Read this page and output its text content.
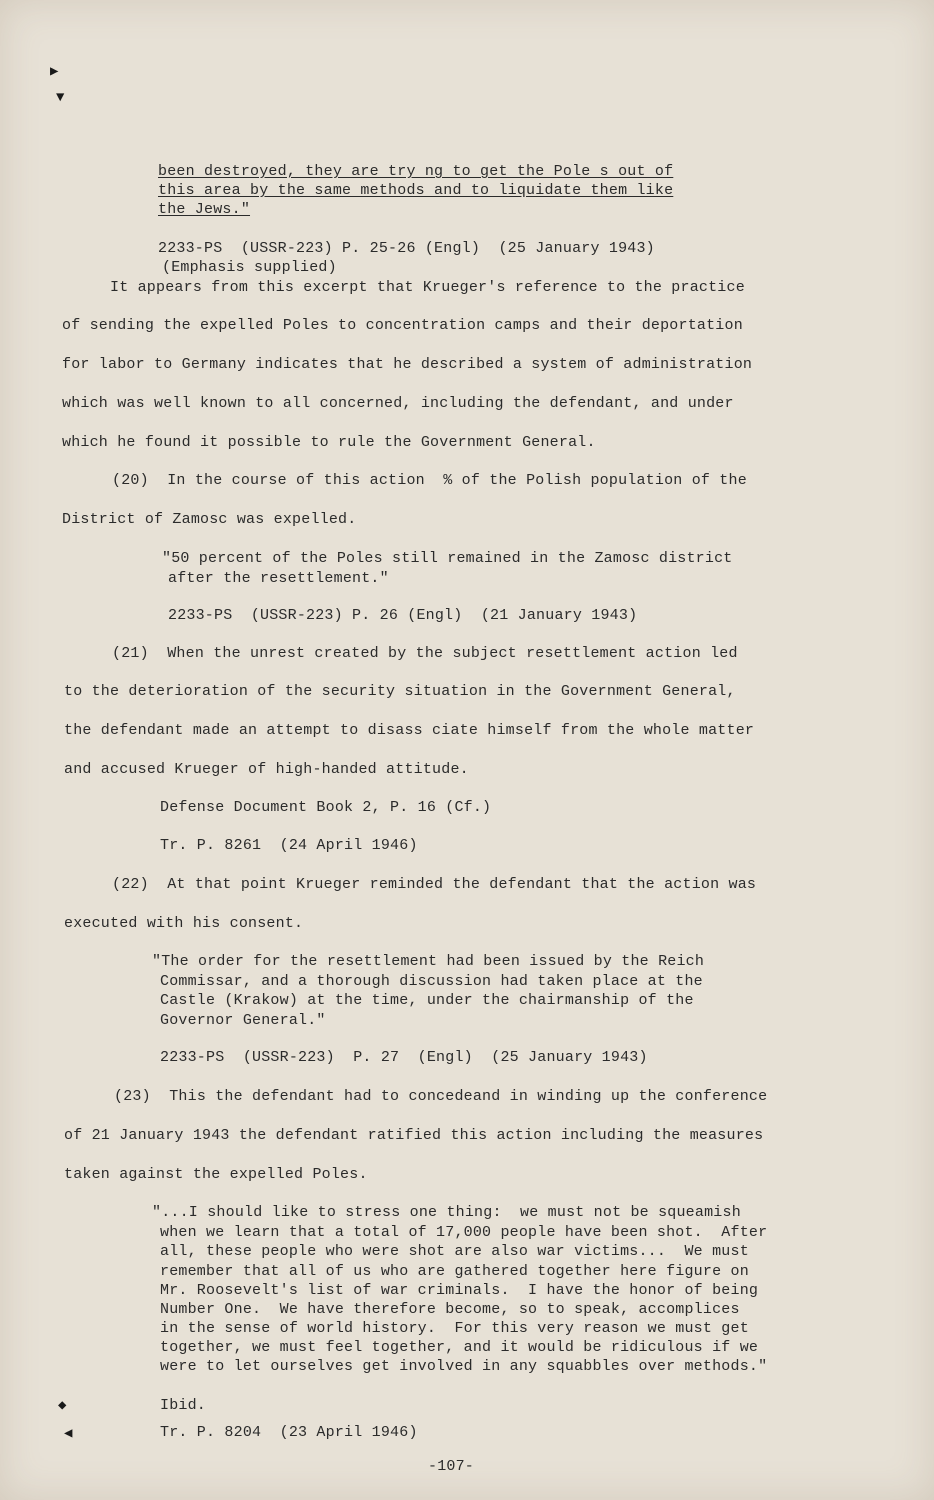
▶
▼
◆
◀
been destroyed, they are try ng to get the Pole s out of
this area by the same methods and to liquidate them like
the Jews."
2233-PS  (USSR-223) P. 25-26 (Engl)  (25 January 1943)
(Emphasis supplied)
It appears from this excerpt that Krueger's reference to the practice
of sending the expelled Poles to concentration camps and their deportation
for labor to Germany indicates that he described a system of administration
which was well known to all concerned, including the defendant, and under
which he found it possible to rule the Government General.
(20)  In the course of this action  % of the Polish population of the
District of Zamosc was expelled.
"50 percent of the Poles still remained in the Zamosc district
after the resettlement."
2233-PS  (USSR-223) P. 26 (Engl)  (21 January 1943)
(21)  When the unrest created by the subject resettlement action led
to the deterioration of the security situation in the Government General,
the defendant made an attempt to disass ciate himself from the whole matter
and accused Krueger of high-handed attitude.
Defense Document Book 2, P. 16 (Cf.)
Tr. P. 8261  (24 April 1946)
(22)  At that point Krueger reminded the defendant that the action was
executed with his consent.
"The order for the resettlement had been issued by the Reich
Commissar, and a thorough discussion had taken place at the
Castle (Krakow) at the time, under the chairmanship of the
Governor General."
2233-PS  (USSR-223)  P. 27  (Engl)  (25 January 1943)
(23)  This the defendant had to concedeand in winding up the conference
of 21 January 1943 the defendant ratified this action including the measures
taken against the expelled Poles.
"...I should like to stress one thing:  we must not be squeamish
when we learn that a total of 17,000 people have been shot.  After
all, these people who were shot are also war victims...  We must
remember that all of us who are gathered together here figure on
Mr. Roosevelt's list of war criminals.  I have the honor of being
Number One.  We have therefore become, so to speak, accomplices
in the sense of world history.  For this very reason we must get
together, we must feel together, and it would be ridiculous if we
were to let ourselves get involved in any squabbles over methods."
Ibid.
Tr. P. 8204  (23 April 1946)
-107-
